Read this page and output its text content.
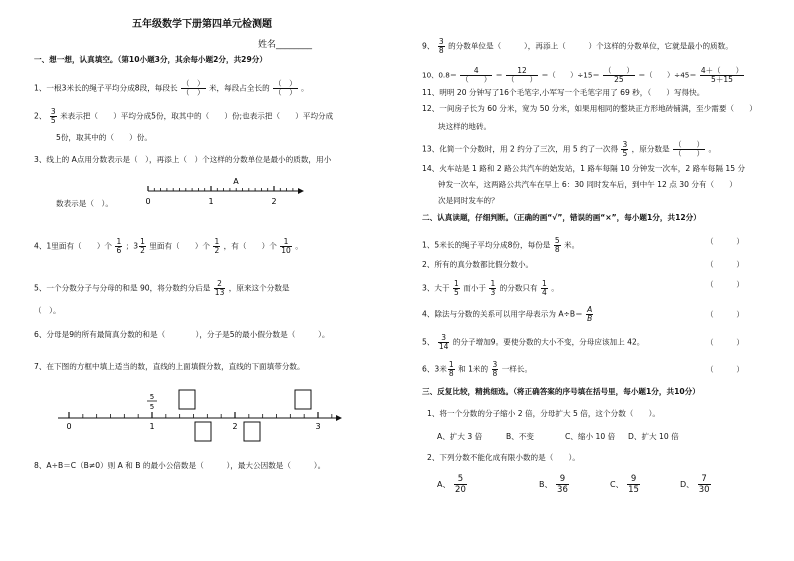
五年级数学下册第四单元检测题
姓名________
一、想一想，认真填空。（第10小题3分，其余每小题2分，共29分）
1、一根3米长的绳子平均分成8段，每段长 $\frac{( )}{( )}$ 米，每段占全长的 $\frac{( )}{( )}$ 。
2、 $\frac{3}{5}$ 米表示把（　　）平均分成5份，取其中的（　　）份;也表示把（　　）平均分成
5份，取其中的（　　）份。
3、线上的 A点用分数表示是（　），再添上（　）个这样的分数单位是最小的质数，用小
数表示是（　）。	0	1	2
A
4、1里面有（　　）个 $\frac{1}{6}$ ；$3 \frac{1}{2}$ 里面有（　　）个 $\frac{1}{2}$ ，有（　　）个 $\frac{1}{10}$ 。
5、一个分数分子与分母的和是 90，将分数约分后是 $\frac{2}{13}$ ，原来这个分数是
（　）。
6、分母是9的所有最简真分数的和是（　　　　），分子是5的最小假分数是（　　　）。
7、在下图的方框中填上适当的数，直线的上面填假分数，直线的下面填带分数。
0	1	2	3
5
5
8、A÷B＝C（B≠0）则 A 和 B 的最小公倍数是（　　　），最大公因数是（　　　）。
9、 $\frac{3}{8}$ 的分数单位是（　　　），再添上（　　　）个这样的分数单位，它就是最小的质数。
10、$0.8= \frac{4}{( )} = \frac{12}{( )}$ ＝（　　）$\div 15= \frac{( )}{25}$ ＝（　　）$\div 45= \frac{4+( )}{5+15}$
11、明明 20 分钟写了16个毛笔字,小军写一个毛笔字用了 69 秒，（　　）写得快。
12、一间房子长为 60 分米，宽为 50 分米，如果用相同的整块正方形地砖铺满，至少需要（　　）
块这样的地砖。
13、化简一个分数时，用 2 约分了三次，用 5 约了一次得 $\frac{3}{5}$ ，原分数是 $\frac{( )}{( )}$ 。
14、火车站是 1 路和 2 路公共汽车的始发站，1 路车每隔 10 分钟发一次车，2 路车每隔 15 分
钟发一次车，这两路公共汽车在早上 6：30 同时发车后，到中午 12 点 30 分有（　　）
次是同时发车的？
二、认真读题，仔细判断。（正确的画“√”，错误的画“×”，每小题1分，共12分）
1、5米长的绳子平均分成8份，每份是 $\frac{5}{8}$ 米。	（　　　）
2、所有的真分数都比假分数小。	（　　　）
3、大于 $\frac{1}{5}$ 而小于 $\frac{1}{3}$ 的分数只有 $\frac{1}{4}$ 。	（　　　）
4、除法与分数的关系可以用字母表示为 $A\div B= \frac{A}{B}$	（　　　）
5、 $\frac{3}{14}$ 的分子增加9。要使分数的大小不变，分母应该加上 42。	（　　　）
6、3米 $\frac{1}{8}$ 和 1米的 $\frac{3}{8}$ 一样长。	（　　　）
三、反复比较，精挑细选。（将正确答案的序号填在括号里，每小题1分，共10分）
1、将一个分数的分子缩小 2 倍，分母扩大 5 倍，这个分数（　　）。
A、扩大 3 倍	B、不变	C、缩小 10 倍 D、扩大 10 倍
2、下列分数不能化成有限小数的是（　　）。
A、 $\frac{5}{20}$	B、 $\frac{9}{36}$	C、 $\frac{9}{15}$	D、 $\frac{7}{30}$
